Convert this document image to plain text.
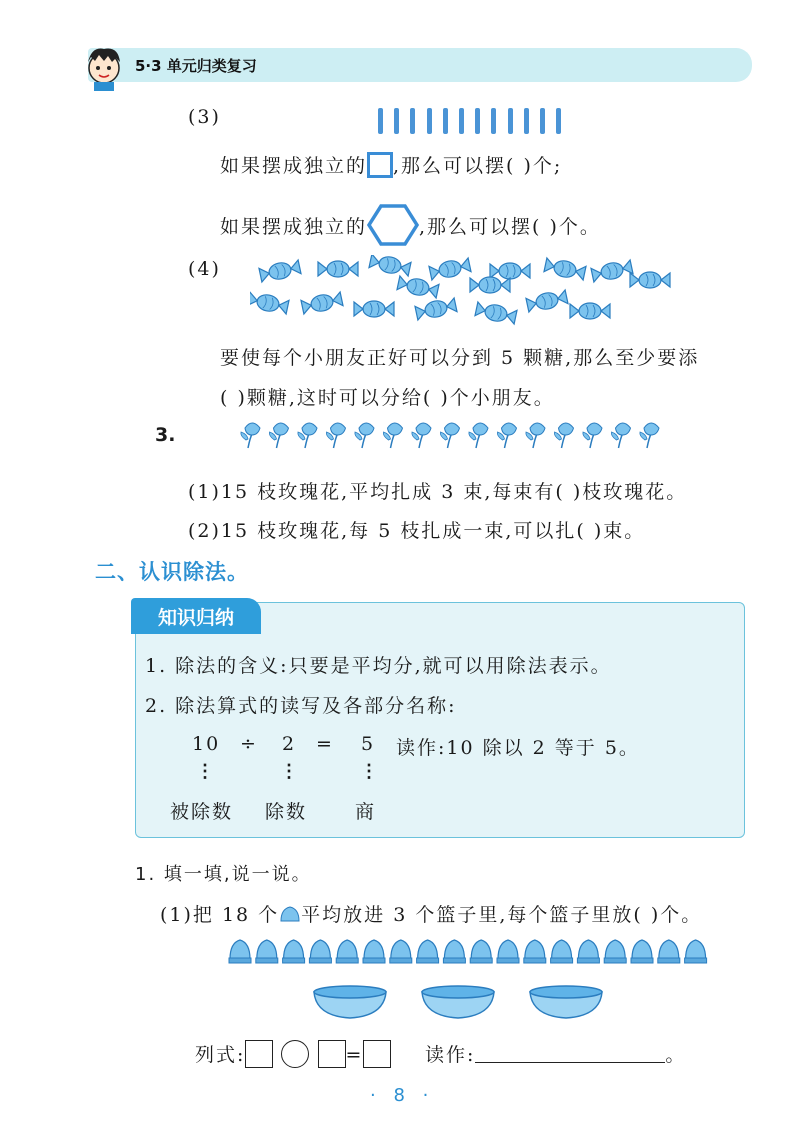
5·3 单元归类复习
(3)
如果摆成独立的 ,那么可以摆( )个;
如果摆成独立的	,那么可以摆( )个。
(4)
要使每个小朋友正好可以分到 5 颗糖,那么至少要添
( )颗糖,这时可以分给( )个小朋友。
3.
(1)15 枝玫瑰花,平均扎成 3 束,每束有( )枝玫瑰花。
(2)15 枝玫瑰花,每 5 枝扎成一束,可以扎( )束。
二、认识除法。
知识归纳
1. 除法的含义:只要是平均分,就可以用除法表示。
2. 除法算式的读写及各部分名称:
10 ÷ 2 = 5 读作:10 除以 2 等于 5。
⋮	⋮	⋮
被除数 除数	商
1. 填一填,说一说。
(1)把 18 个 平均放进 3 个篮子里,每个篮子里放( )个。
列式:	=	读作:	。
· 8 ·
